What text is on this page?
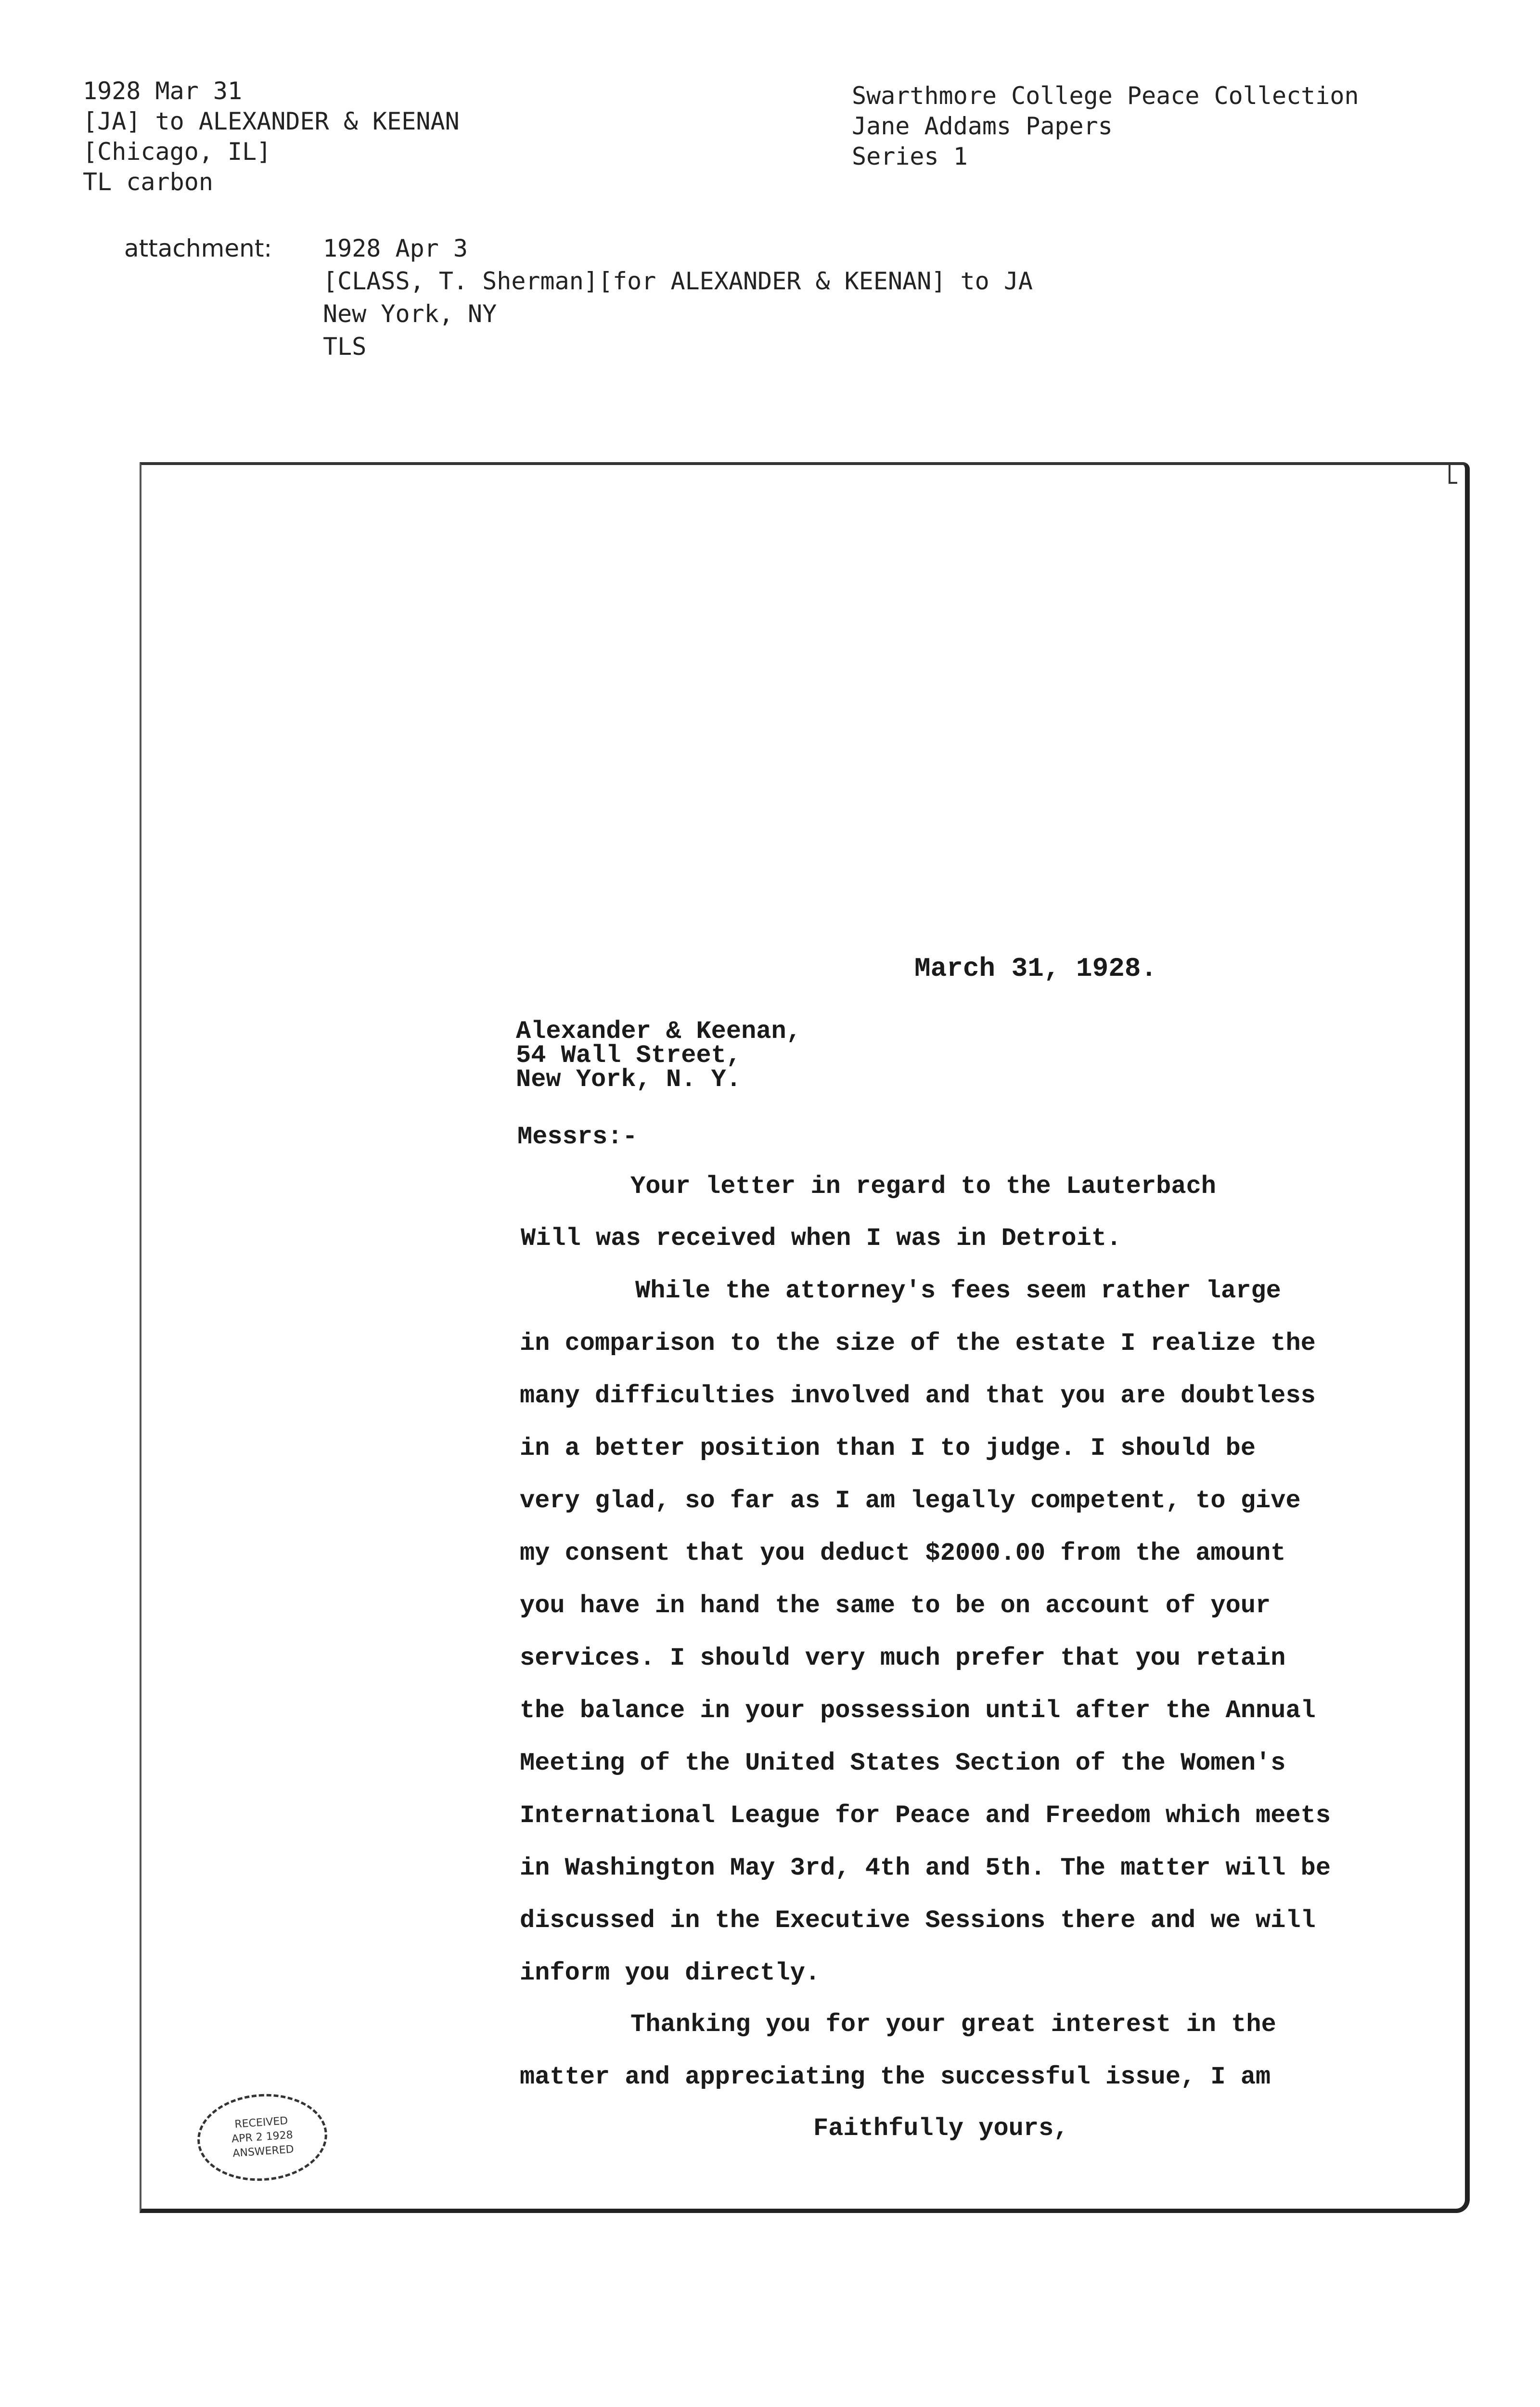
1928 Mar 31
[JA] to ALEXANDER & KEENAN
[Chicago, IL]
TL carbon
Swarthmore College Peace Collection
Jane Addams Papers
Series 1
attachment:	1928 Apr 3
[CLASS, T. Sherman][for ALEXANDER & KEENAN] to JA
New York, NY
TLS
March 31, 1928.
Alexander & Keenan,
54 Wall Street,
New York, N. Y.
Messrs:-
Your letter in regard to the Lauterbach
Will was received when I was in Detroit.
While the attorney's fees seem rather large
in comparison to the size of the estate I realize the
many difficulties involved and that you are doubtless
in a better position than I to judge. I should be
very glad, so far as I am legally competent, to give
my consent that you deduct $2000.00 from the amount
you have in hand the same to be on account of your
services. I should very much prefer that you retain
the balance in your possession until after the Annual
Meeting of the United States Section of the Women's
International League for Peace and Freedom which meets
in Washington May 3rd, 4th and 5th. The matter will be
discussed in the Executive Sessions there and we will
inform you directly.
Thanking you for your great interest in the
matter and appreciating the successful issue, I am
Faithfully yours,
RECEIVED
APR 2 1928
ANSWERED
